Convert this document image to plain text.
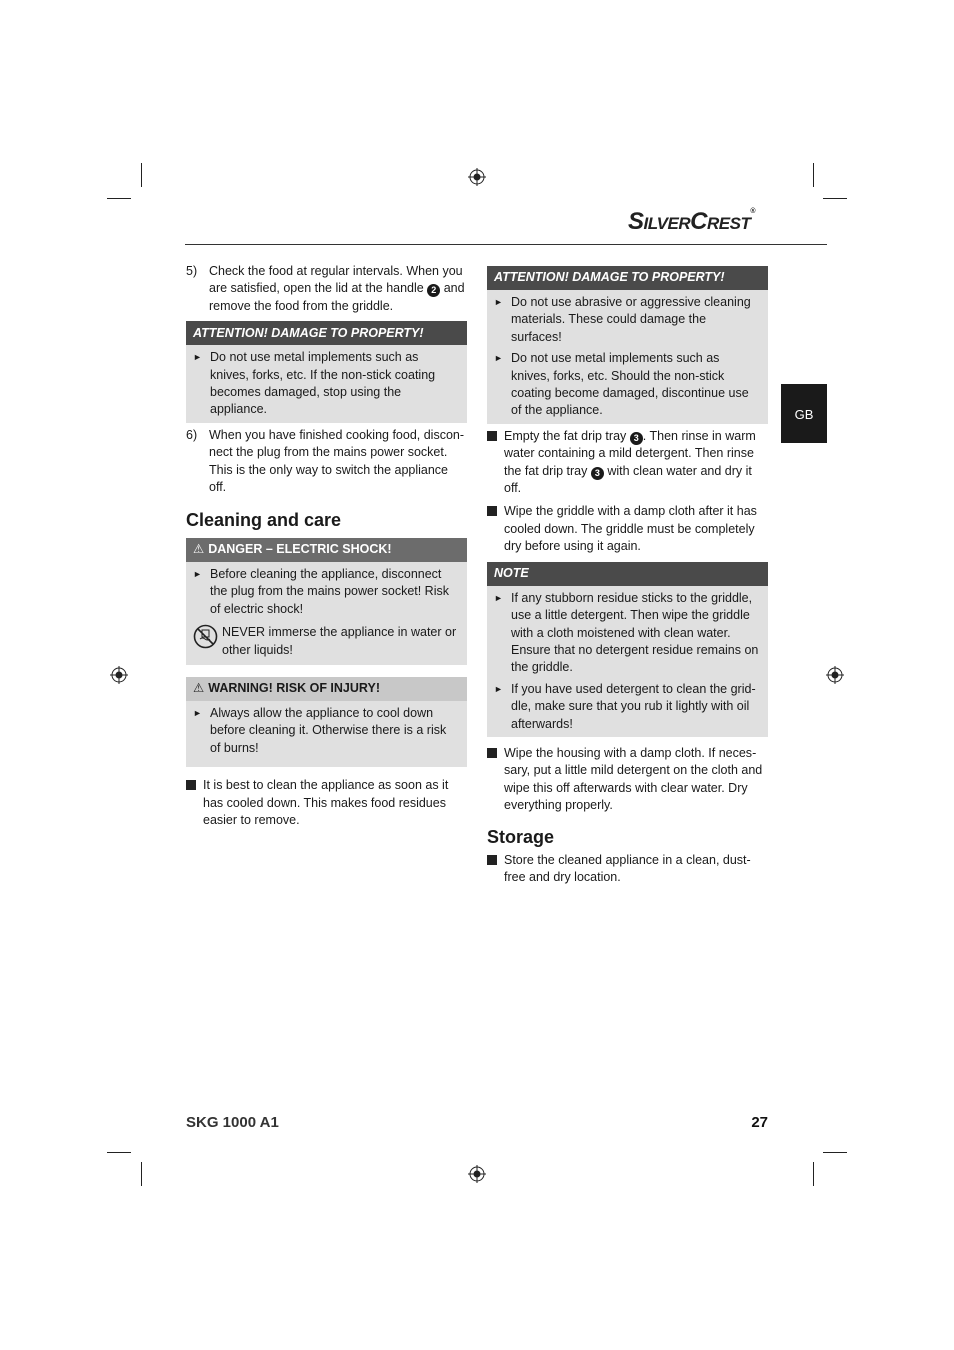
SILVERCREST®
5) Check the food at regular intervals. When you are satisfied, open the lid at the handle 2 and remove the food from the griddle.

ATTENTION! DAMAGE TO PROPERTY!
► Do not use metal implements such as knives, forks, etc. If the non-stick coating becomes damaged, stop using the appliance.

6) When you have finished cooking food, disconnect the plug from the mains power socket. This is the only way to switch the appliance off.

Cleaning and care
⚠ DANGER – ELECTRIC SHOCK!
► Before cleaning the appliance, disconnect the plug from the mains power socket! Risk of electric shock!

NEVER immerse the appliance in water or other liquids!

⚠ WARNING! RISK OF INJURY!
► Always allow the appliance to cool down before cleaning it. Otherwise there is a risk of burns!

It is best to clean the appliance as soon as it has cooled down. This makes food residues easier to remove.

ATTENTION! DAMAGE TO PROPERTY!
► Do not use abrasive or aggressive cleaning materials. These could damage the surfaces!

► Do not use metal implements such as knives, forks, etc. Should the non-stick coating become damaged, discontinue use of the appliance.

Empty the fat drip tray 3 . Then rinse in warm water containing a mild detergent. Then rinse the fat drip tray 3 with clean water and dry it off.

Wipe the griddle with a damp cloth after it has cooled down. The griddle must be completely dry before using it again.

NOTE
► If any stubborn residue sticks to the griddle, use a little detergent. Then wipe the griddle with a cloth moistened with clean water. Ensure that no detergent residue remains on the griddle.

► If you have used detergent to clean the griddle, make sure that you rub it lightly with oil afterwards!

Wipe the housing with a damp cloth. If necessary, put a little mild detergent on the cloth and wipe this off afterwards with clear water. Dry everything properly.

Storage

Store the cleaned appliance in a clean, dust-free and dry location.

GB
SKG 1000 A1	27
